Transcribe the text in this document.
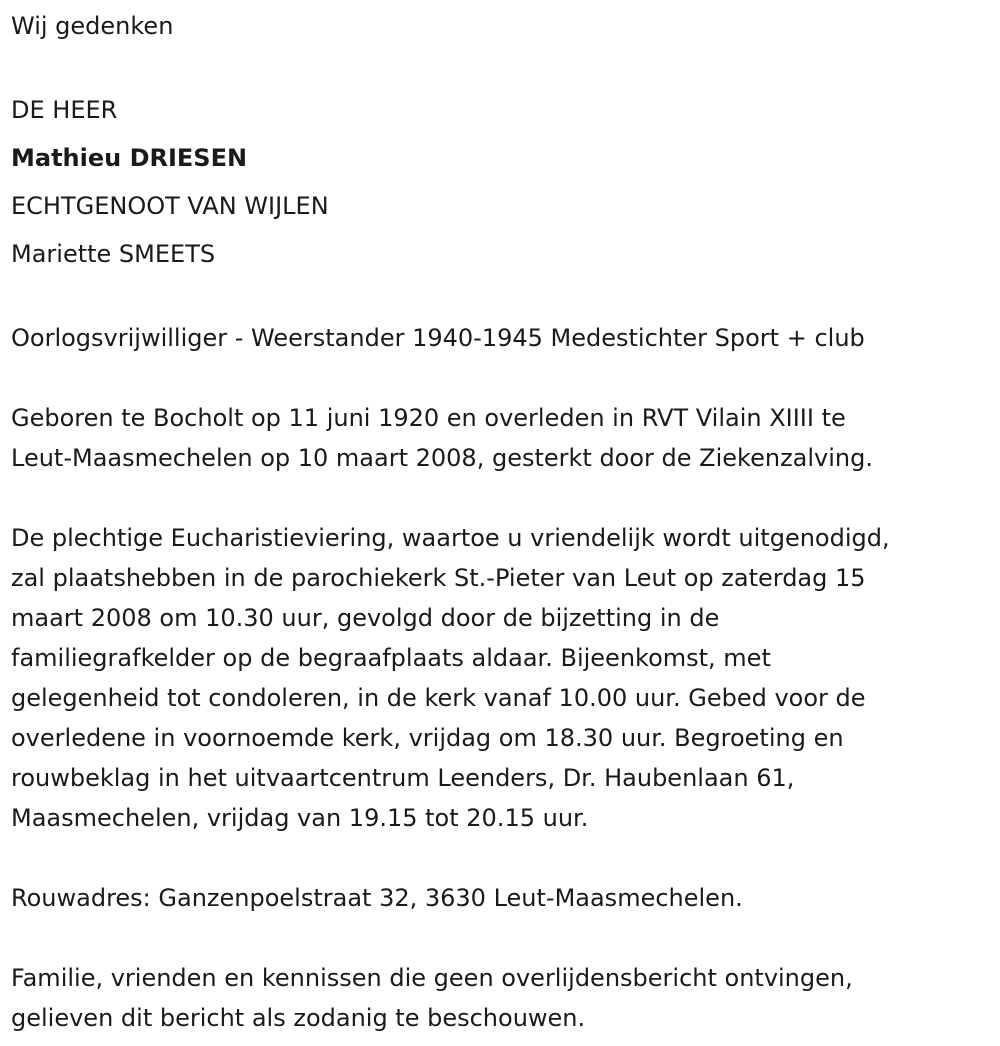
Wij gedenken
DE HEER
Mathieu DRIESEN
ECHTGENOOT VAN WIJLEN
Mariette SMEETS
Oorlogsvrijwilliger - Weerstander 1940-1945 Medestichter Sport + club
Geboren te Bocholt op 11 juni 1920 en overleden in RVT Vilain XIIII te
Leut-Maasmechelen op 10 maart 2008, gesterkt door de Ziekenzalving.
De plechtige Eucharistieviering, waartoe u vriendelijk wordt uitgenodigd,
zal plaatshebben in de parochiekerk St.-Pieter van Leut op zaterdag 15
maart 2008 om 10.30 uur, gevolgd door de bijzetting in de
familiegrafkelder op de begraafplaats aldaar. Bijeenkomst, met
gelegenheid tot condoleren, in de kerk vanaf 10.00 uur. Gebed voor de
overledene in voornoemde kerk, vrijdag om 18.30 uur. Begroeting en
rouwbeklag in het uitvaartcentrum Leenders, Dr. Haubenlaan 61,
Maasmechelen, vrijdag van 19.15 tot 20.15 uur.
Rouwadres: Ganzenpoelstraat 32, 3630 Leut-Maasmechelen.
Familie, vrienden en kennissen die geen overlijdensbericht ontvingen,
gelieven dit bericht als zodanig te beschouwen.
